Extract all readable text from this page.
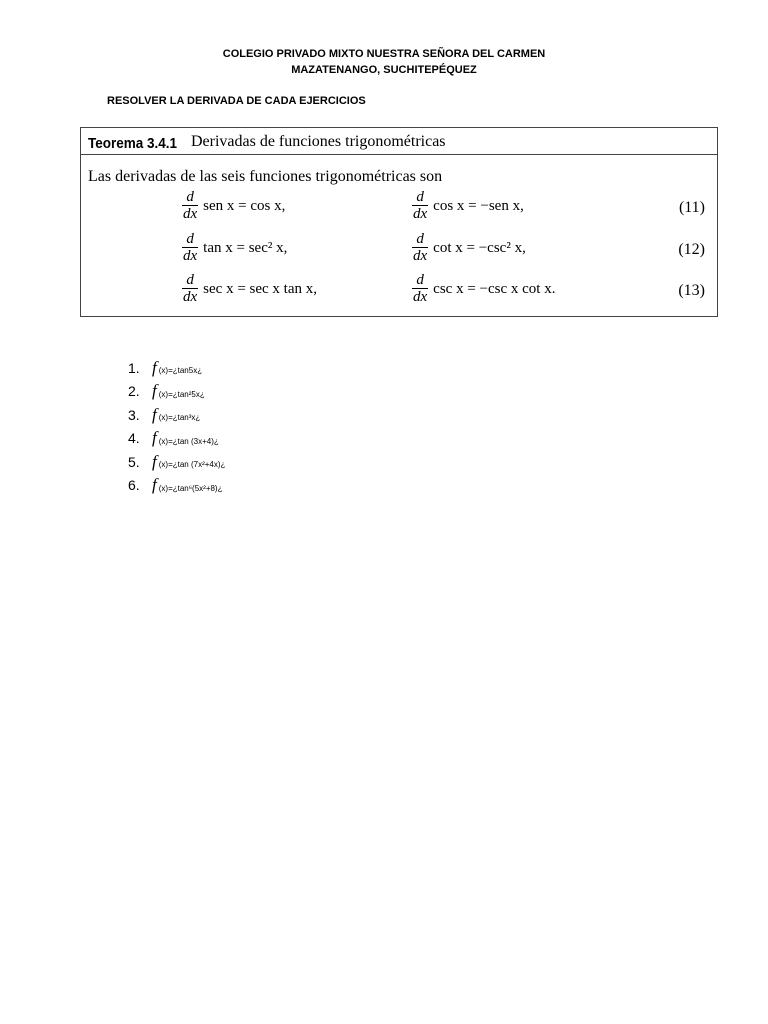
COLEGIO PRIVADO MIXTO NUESTRA SEÑORA DEL CARMEN
MAZATENANGO, SUCHITEPÉQUEZ
RESOLVER LA DERIVADA DE CADA EJERCICIOS
Teorema 3.4.1 Derivadas de funciones trigonométricas
Las derivadas de las seis funciones trigonométricas son
$\frac{d}{dx}$ sen x = cos x,	$\frac{d}{dx}$ cos x = −sen x,	(11)
$\frac{d}{dx}$ tan x = sec² x,	$\frac{d}{dx}$ cot x = −csc² x,	(12)
$\frac{d}{dx}$ sec x = sec x tan x,	$\frac{d}{dx}$ csc x = −csc x cot x.	(13)
1. f (x)=¿tan5x¿
2. f (x)=¿tan²5x¿
3. f (x)=¿tan³x¿
4. f (x)=¿tan (3x+4)¿
5. f (x)=¿tan (7x²+4x)¿
6. f (x)=¿tan⁶(5x²+8)¿
